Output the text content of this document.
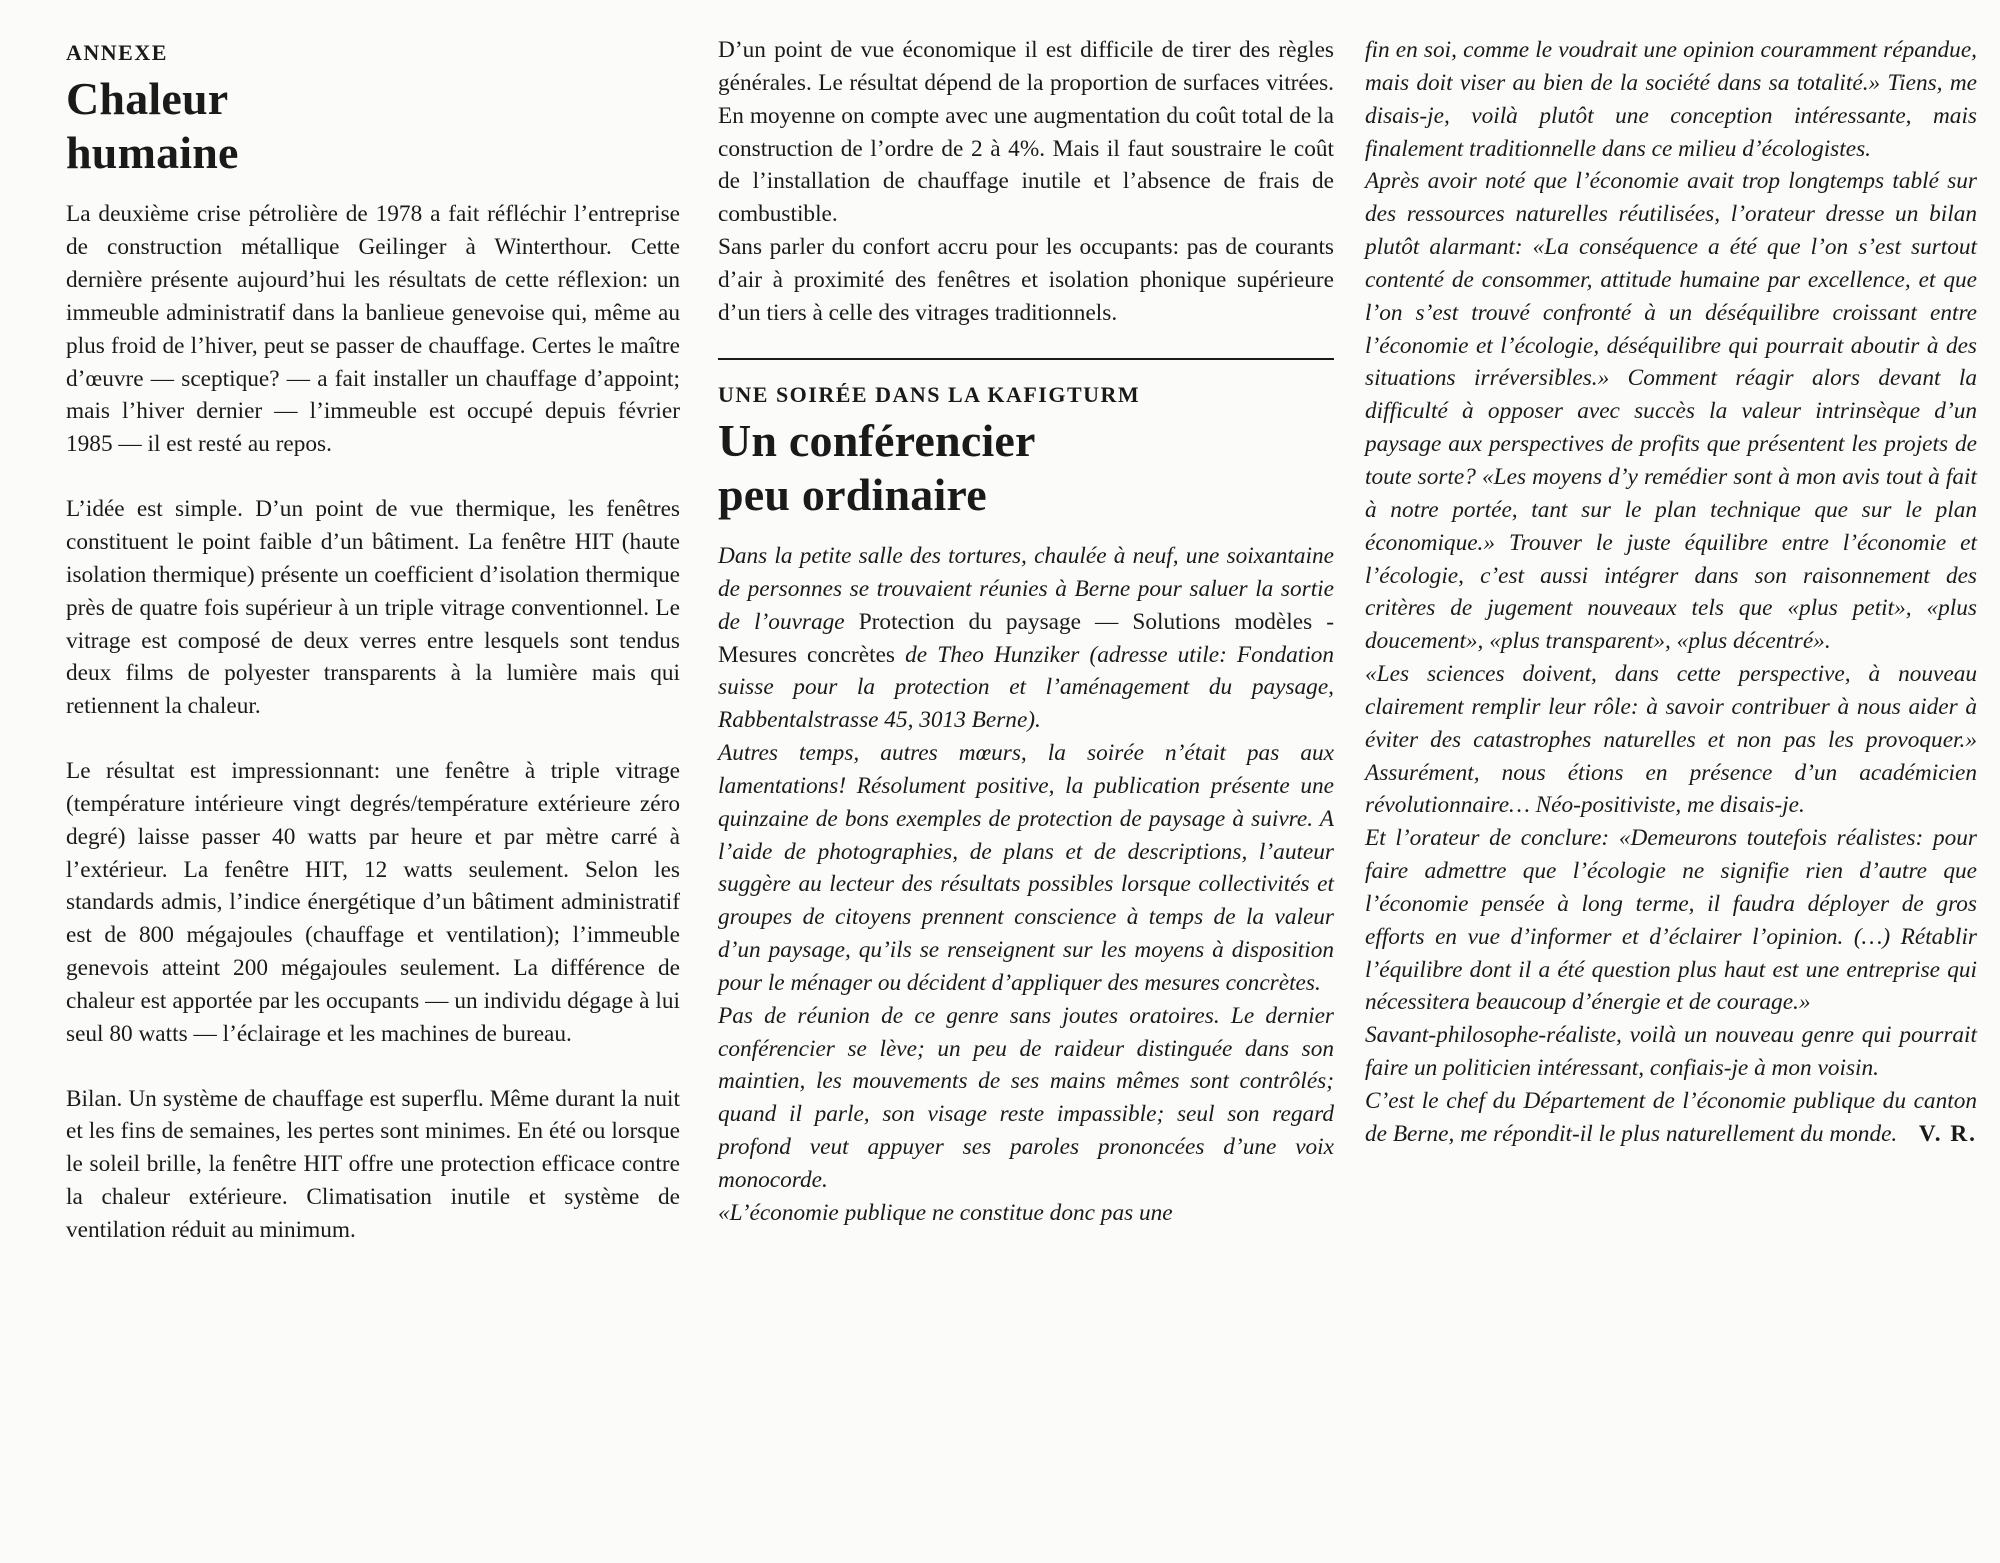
ANNEXE
Chaleur
humaine

La deuxième crise pétrolière de 1978 a fait réfléchir l’entreprise de construction métallique Geilinger à Winterthour. Cette dernière présente aujourd’hui les résultats de cette réflexion: un immeuble administratif dans la banlieue genevoise qui, même au plus froid de l’hiver, peut se passer de chauffage. Certes le maître d’œuvre — sceptique? — a fait installer un chauffage d’appoint; mais l’hiver dernier — l’immeuble est occupé depuis février 1985 — il est resté au repos.

L’idée est simple. D’un point de vue thermique, les fenêtres constituent le point faible d’un bâtiment. La fenêtre HIT (haute isolation thermique) présente un coefficient d’isolation thermique près de quatre fois supérieur à un triple vitrage conventionnel. Le vitrage est composé de deux verres entre lesquels sont tendus deux films de polyester transparents à la lumière mais qui retiennent la chaleur.

Le résultat est impressionnant: une fenêtre à triple vitrage (température intérieure vingt degrés/température extérieure zéro degré) laisse passer 40 watts par heure et par mètre carré à l’extérieur. La fenêtre HIT, 12 watts seulement. Selon les standards admis, l’indice énergétique d’un bâtiment administratif est de 800 mégajoules (chauffage et ventilation); l’immeuble genevois atteint 200 mégajoules seulement. La différence de chaleur est apportée par les occupants — un individu dégage à lui seul 80 watts — l’éclairage et les machines de bureau.

Bilan. Un système de chauffage est superflu. Même durant la nuit et les fins de semaines, les pertes sont minimes. En été ou lorsque le soleil brille, la fenêtre HIT offre une protection efficace contre la chaleur extérieure. Climatisation inutile et système de ventilation réduit au minimum.

D’un point de vue économique il est difficile de tirer des règles générales. Le résultat dépend de la proportion de surfaces vitrées. En moyenne on compte avec une augmentation du coût total de la construction de l’ordre de 2 à 4%. Mais il faut soustraire le coût de l’installation de chauffage inutile et l’absence de frais de combustible.

Sans parler du confort accru pour les occupants: pas de courants d’air à proximité des fenêtres et isolation phonique supérieure d’un tiers à celle des vitrages traditionnels.

UNE SOIRÉE DANS LA KAFIGTURM
Un conférencier
peu ordinaire

Dans la petite salle des tortures, chaulée à neuf, une soixantaine de personnes se trouvaient réunies à Berne pour saluer la sortie de l’ouvrage Protection du paysage — Solutions modèles - Mesures concrètes de Theo Hunziker (adresse utile: Fondation suisse pour la protection et l’aménagement du paysage, Rabbentalstrasse 45, 3013 Berne).

Autres temps, autres mœurs, la soirée n’était pas aux lamentations! Résolument positive, la publication présente une quinzaine de bons exemples de protection de paysage à suivre. A l’aide de photographies, de plans et de descriptions, l’auteur suggère au lecteur des résultats possibles lorsque collectivités et groupes de citoyens prennent conscience à temps de la valeur d’un paysage, qu’ils se renseignent sur les moyens à disposition pour le ménager ou décident d’appliquer des mesures concrètes.

Pas de réunion de ce genre sans joutes oratoires. Le dernier conférencier se lève; un peu de raideur distinguée dans son maintien, les mouvements de ses mains mêmes sont contrôlés; quand il parle, son visage reste impassible; seul son regard profond veut appuyer ses paroles prononcées d’une voix monocorde.

«L’économie publique ne constitue donc pas une

fin en soi, comme le voudrait une opinion couramment répandue, mais doit viser au bien de la société dans sa totalité.» Tiens, me disais-je, voilà plutôt une conception intéressante, mais finalement traditionnelle dans ce milieu d’écologistes.

Après avoir noté que l’économie avait trop longtemps tablé sur des ressources naturelles réutilisées, l’orateur dresse un bilan plutôt alarmant: «La conséquence a été que l’on s’est surtout contenté de consommer, attitude humaine par excellence, et que l’on s’est trouvé confronté à un déséquilibre croissant entre l’économie et l’écologie, déséquilibre qui pourrait aboutir à des situations irréversibles.» Comment réagir alors devant la difficulté à opposer avec succès la valeur intrinsèque d’un paysage aux perspectives de profits que présentent les projets de toute sorte? «Les moyens d’y remédier sont à mon avis tout à fait à notre portée, tant sur le plan technique que sur le plan économique.» Trouver le juste équilibre entre l’économie et l’écologie, c’est aussi intégrer dans son raisonnement des critères de jugement nouveaux tels que «plus petit», «plus doucement», «plus transparent», «plus décentré».

«Les sciences doivent, dans cette perspective, à nouveau clairement remplir leur rôle: à savoir contribuer à nous aider à éviter des catastrophes naturelles et non pas les provoquer.» Assurément, nous étions en présence d’un académicien révolutionnaire… Néo-positiviste, me disais-je.

Et l’orateur de conclure: «Demeurons toutefois réalistes: pour faire admettre que l’écologie ne signifie rien d’autre que l’économie pensée à long terme, il faudra déployer de gros efforts en vue d’informer et d’éclairer l’opinion. (…) Rétablir l’équilibre dont il a été question plus haut est une entreprise qui nécessitera beaucoup d’énergie et de courage.»

Savant-philosophe-réaliste, voilà un nouveau genre qui pourrait faire un politicien intéressant, confiais-je à mon voisin.

C’est le chef du Département de l’économie publique du canton de Berne, me répondit-il le plus naturellement du monde. V. R.
